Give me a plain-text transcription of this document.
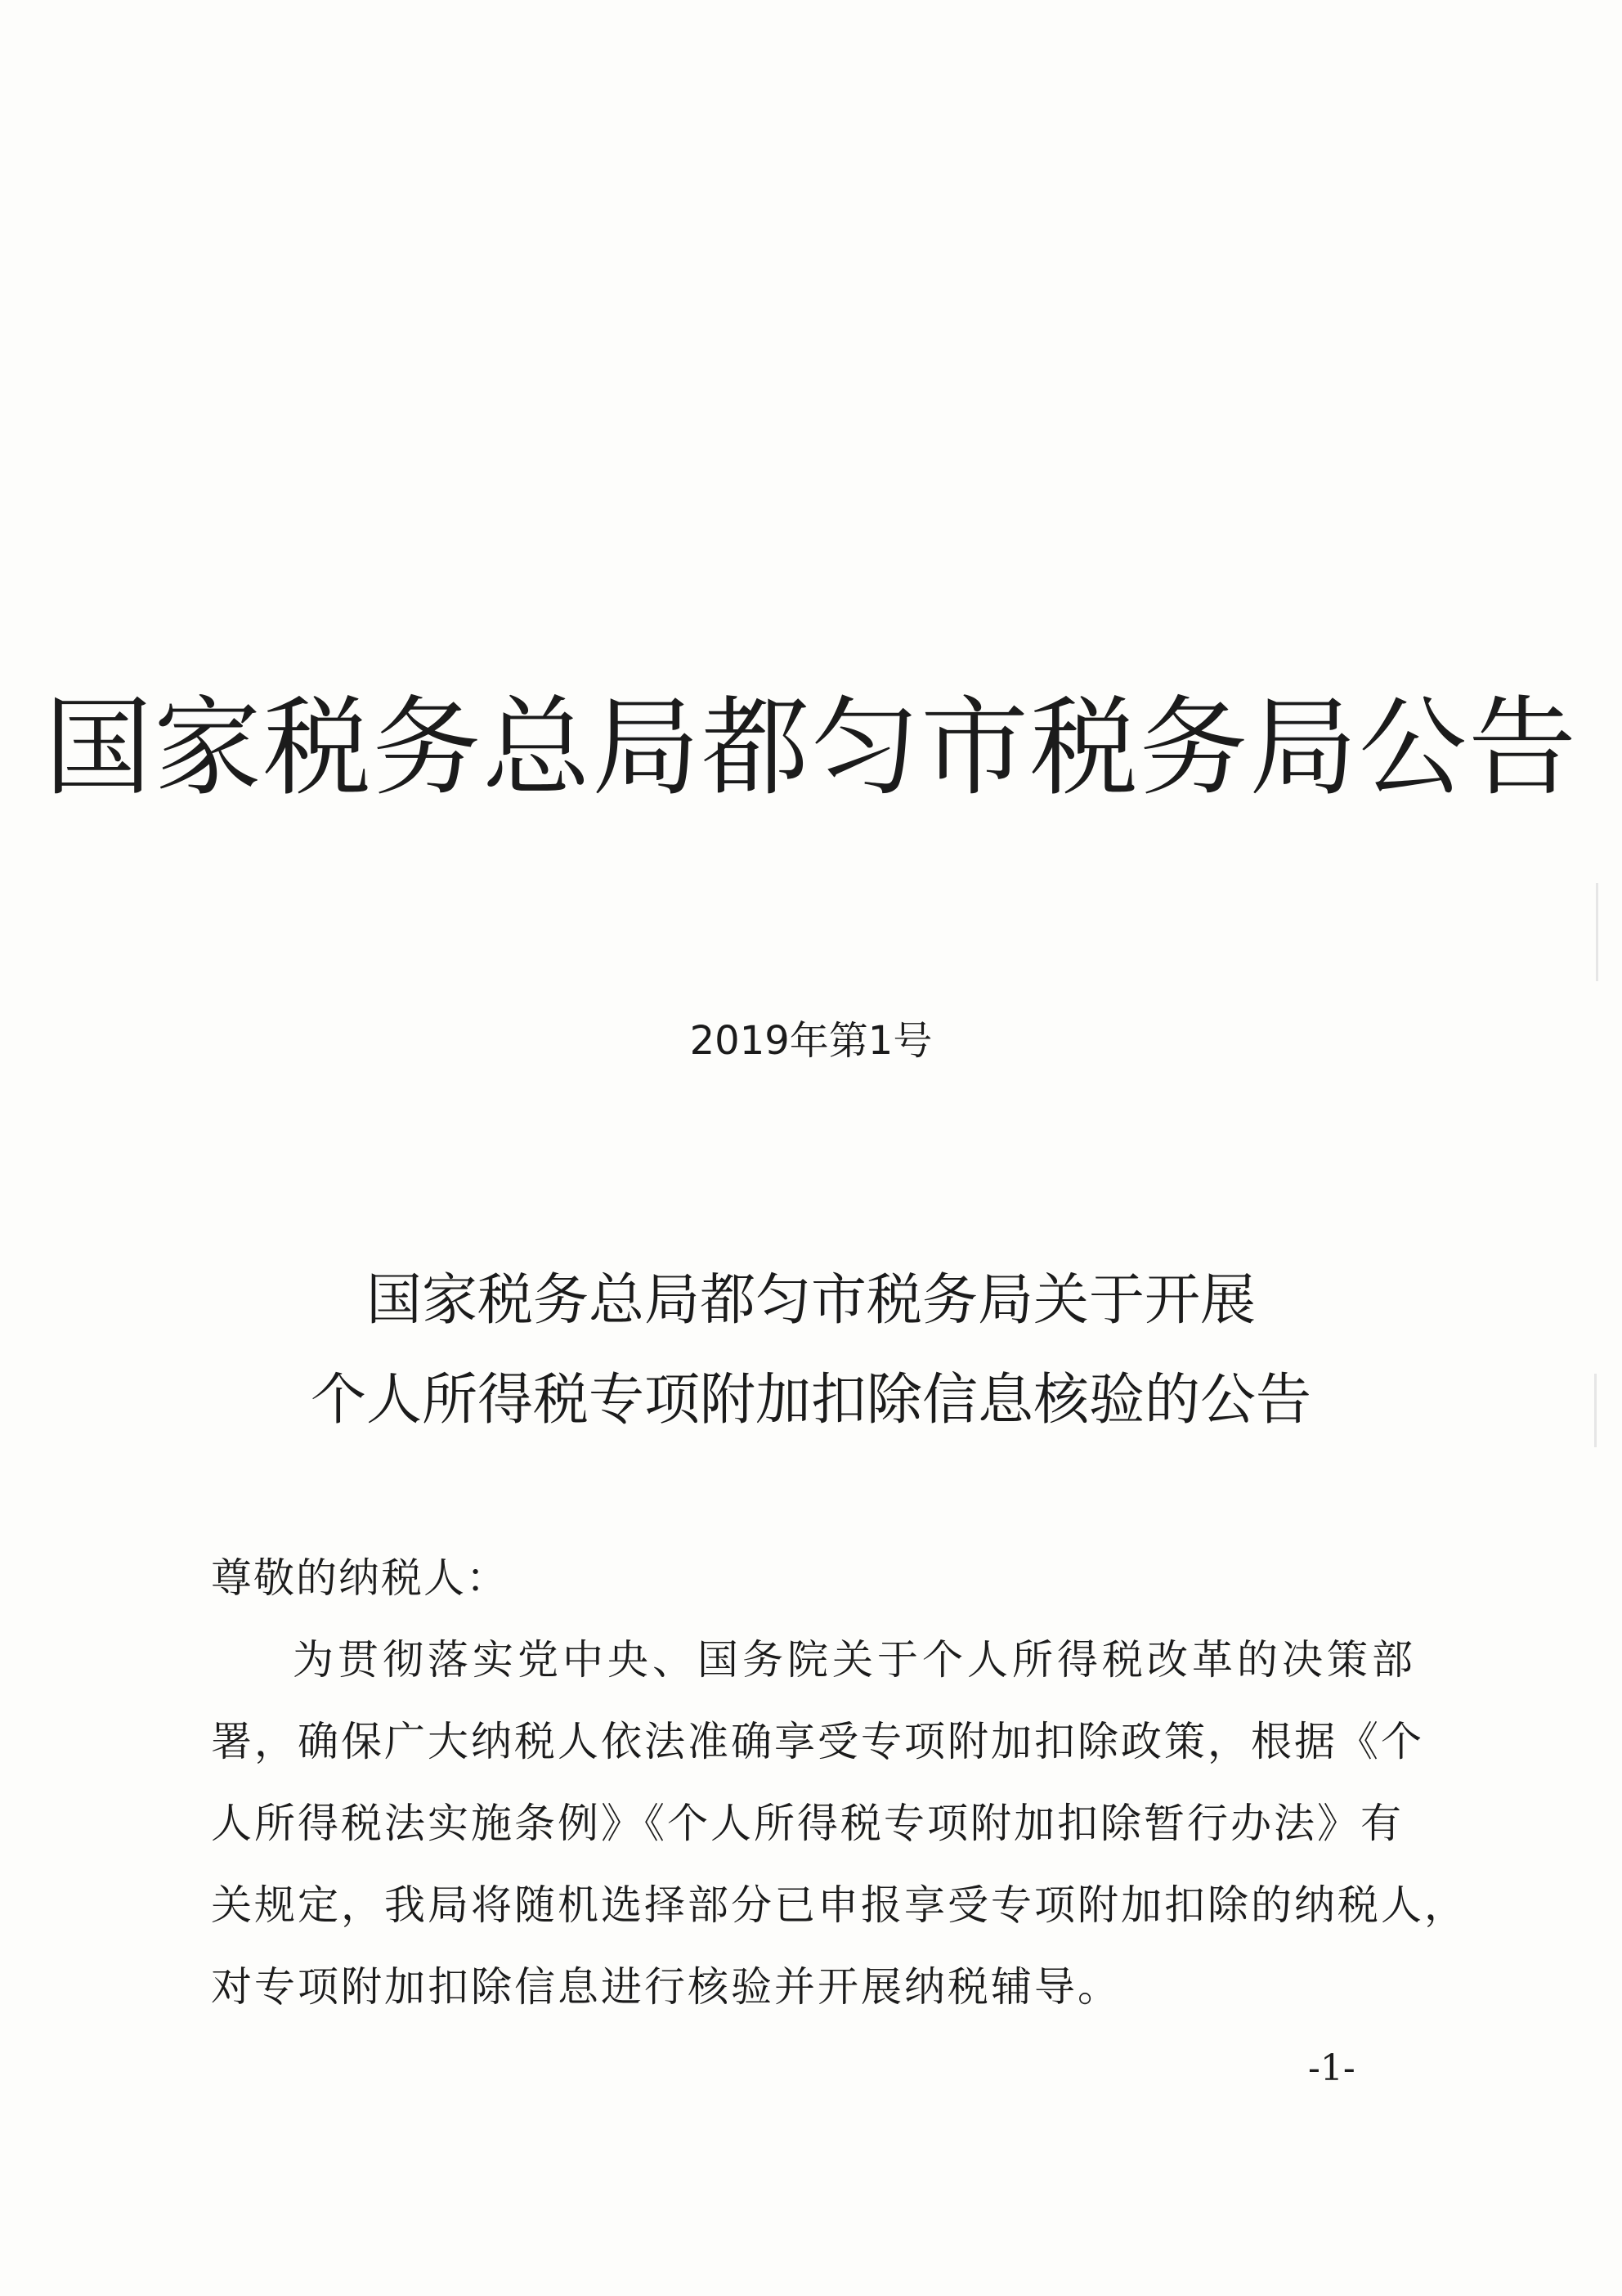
国家税务总局都匀市税务局公告
2019年第1号
国家税务总局都匀市税务局关于开展
个人所得税专项附加扣除信息核验的公告
尊敬的纳税人：
为贯彻落实党中央、国务院关于个人所得税改革的决策部
署，确保广大纳税人依法准确享受专项附加扣除政策，根据《个
人所得税法实施条例》《个人所得税专项附加扣除暂行办法》有
关规定，我局将随机选择部分已申报享受专项附加扣除的纳税人，
对专项附加扣除信息进行核验并开展纳税辅导。
-1-
